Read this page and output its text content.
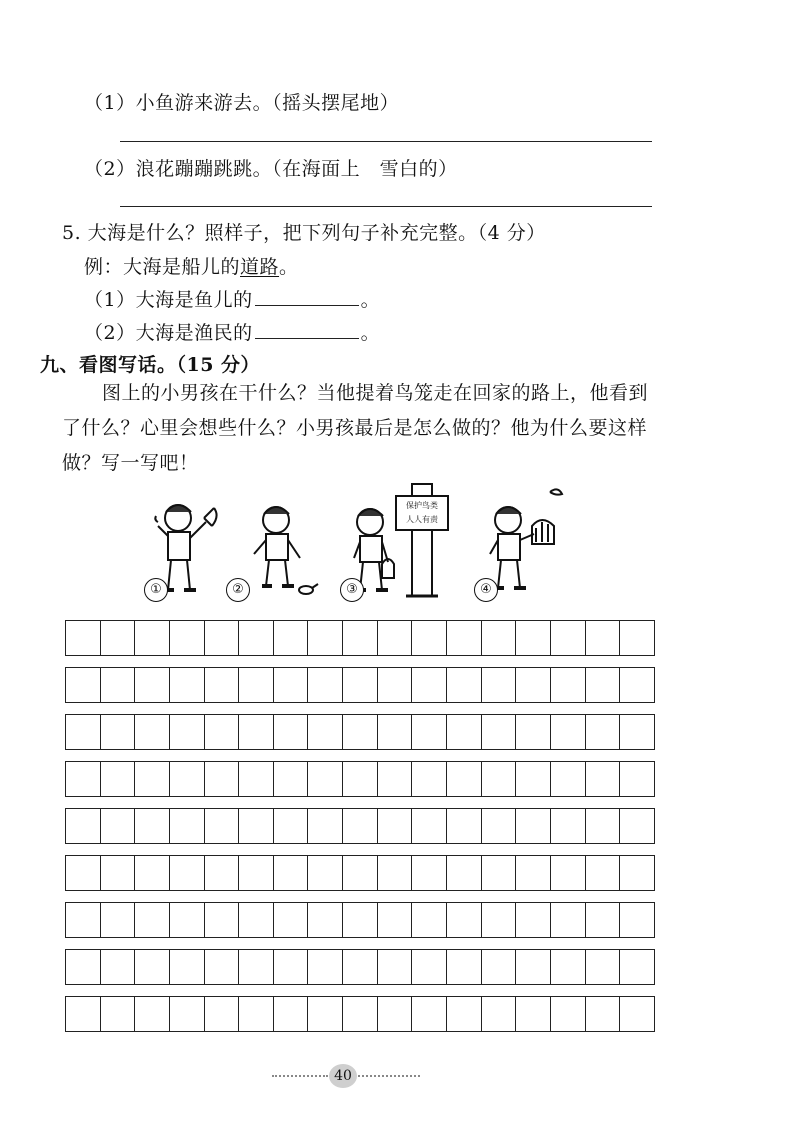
（1）小鱼游来游去。（摇头摆尾地）
（2）浪花蹦蹦跳跳。（在海面上　雪白的）
5. 大海是什么？照样子，把下列句子补充完整。（4 分）
例：大海是船儿的道路。
（1）大海是鱼儿的	。
（2）大海是渔民的	。
九、看图写话。（15 分）
图上的小男孩在干什么？当他提着鸟笼走在回家的路上，他看到了什么？心里会想些什么？小男孩最后是怎么做的？他为什么要这样做？写一写吧！
①	②
保护鸟类
人人有责
③	④
40
